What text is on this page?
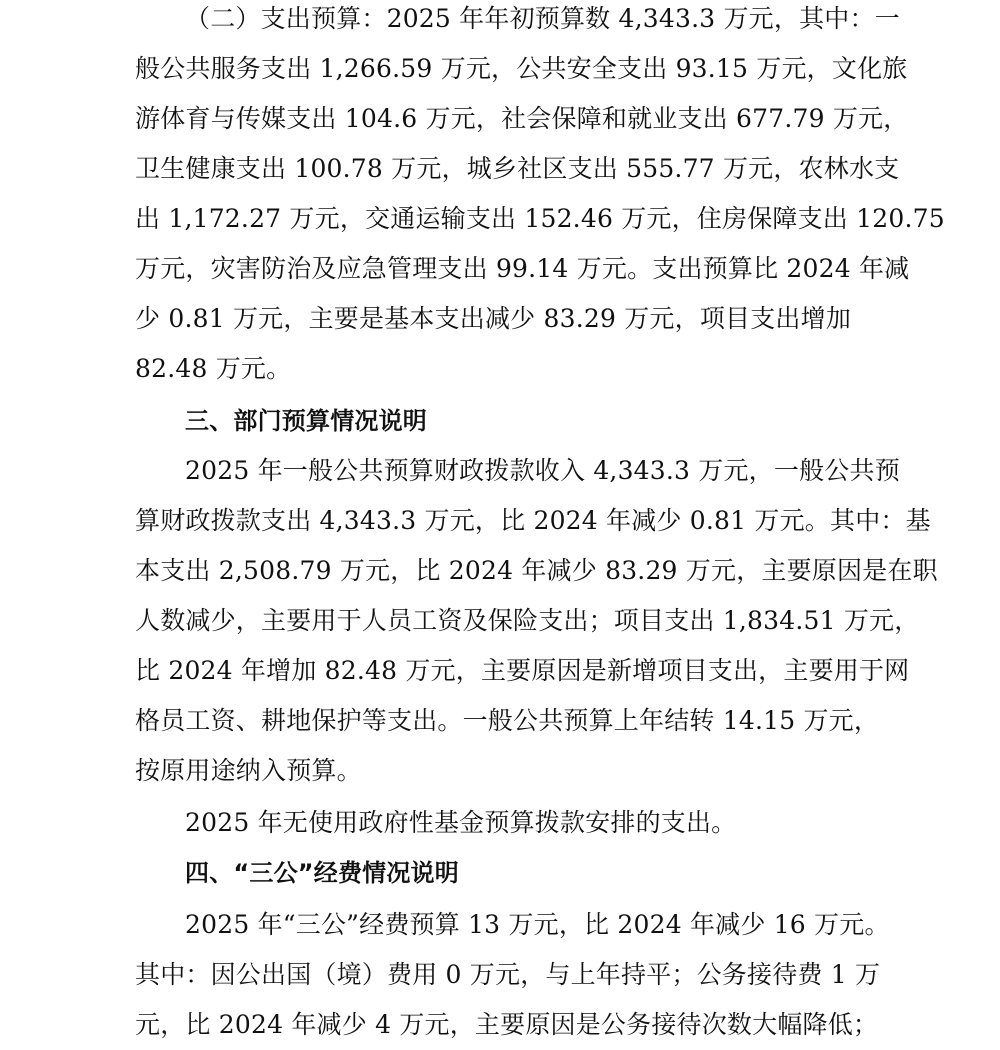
（二）支出预算：2025 年年初预算数 4,343.3 万元，其中：一
般公共服务支出 1,266.59 万元，公共安全支出 93.15 万元，文化旅
游体育与传媒支出 104.6 万元，社会保障和就业支出 677.79 万元，
卫生健康支出 100.78 万元，城乡社区支出 555.77 万元，农林水支
出 1,172.27 万元，交通运输支出 152.46 万元，住房保障支出 120.75
万元，灾害防治及应急管理支出 99.14 万元。支出预算比 2024 年减
少 0.81 万元，主要是基本支出减少 83.29 万元，项目支出增加
82.48 万元。
三、部门预算情况说明
2025 年一般公共预算财政拨款收入 4,343.3 万元，一般公共预
算财政拨款支出 4,343.3 万元，比 2024 年减少 0.81 万元。其中：基
本支出 2,508.79 万元，比 2024 年减少 83.29 万元，主要原因是在职
人数减少，主要用于人员工资及保险支出；项目支出 1,834.51 万元，
比 2024 年增加 82.48 万元，主要原因是新增项目支出，主要用于网
格员工资、耕地保护等支出。一般公共预算上年结转 14.15 万元，
按原用途纳入预算。
2025 年无使用政府性基金预算拨款安排的支出。
四、“三公”经费情况说明
2025 年“三公”经费预算 13 万元，比 2024 年减少 16 万元。
其中：因公出国（境）费用 0 万元，与上年持平；公务接待费 1 万
元，比 2024 年减少 4 万元，主要原因是公务接待次数大幅降低；
